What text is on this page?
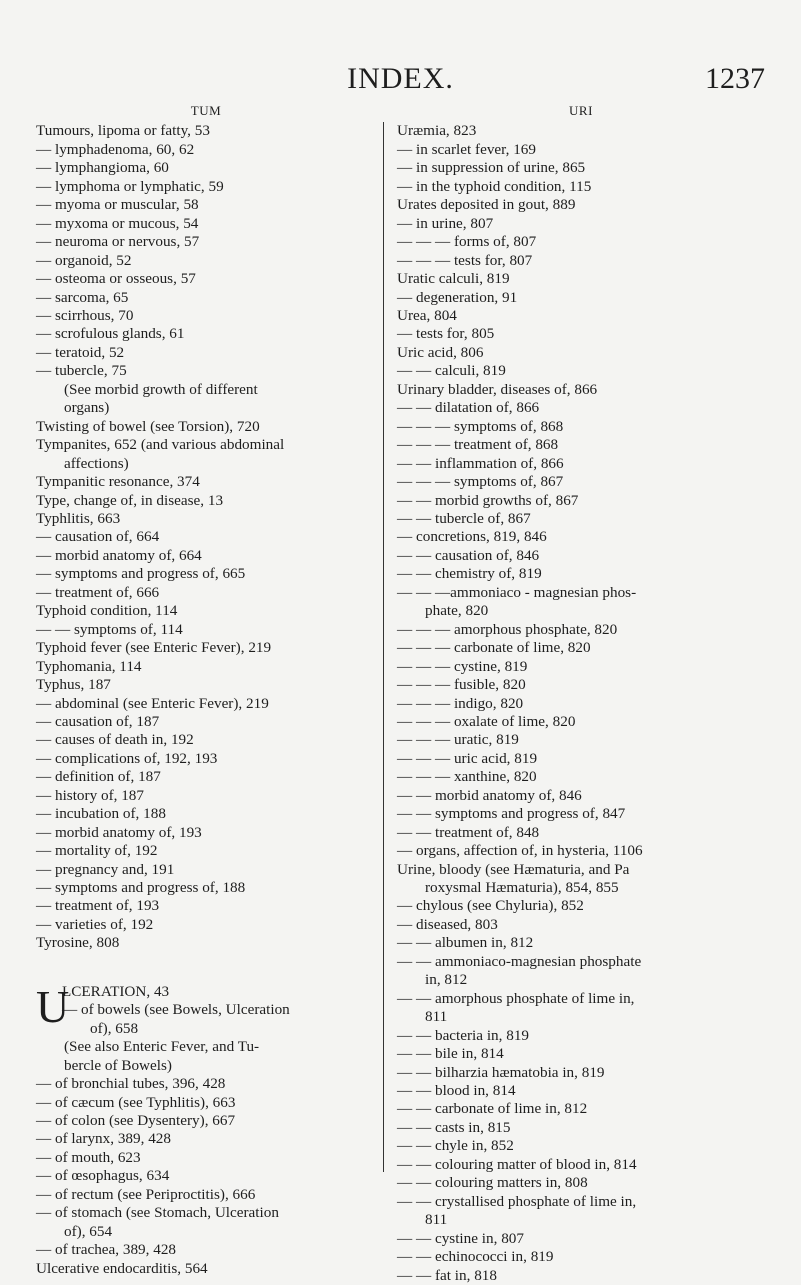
INDEX.	1237
TUM
Tumours, lipoma or fatty, 53
— lymphadenoma, 60, 62
— lymphangioma, 60
— lymphoma or lymphatic, 59
— myoma or muscular, 58
— myxoma or mucous, 54
— neuroma or nervous, 57
— organoid, 52
— osteoma or osseous, 57
— sarcoma, 65
— scirrhous, 70
— scrofulous glands, 61
— teratoid, 52
— tubercle, 75
(See morbid growth of different
organs)
Twisting of bowel (see Torsion), 720
Tympanites, 652 (and various abdominal
affections)
Tympanitic resonance, 374
Type, change of, in disease, 13
Typhlitis, 663
— causation of, 664
— morbid anatomy of, 664
— symptoms and progress of, 665
— treatment of, 666
Typhoid condition, 114
— — symptoms of, 114
Typhoid fever (see Enteric Fever), 219
Typhomania, 114
Typhus, 187
— abdominal (see Enteric Fever), 219
— causation of, 187
— causes of death in, 192
— complications of, 192, 193
— definition of, 187
— history of, 187
— incubation of, 188
— morbid anatomy of, 193
— mortality of, 192
— pregnancy and, 191
— symptoms and progress of, 188
— treatment of, 193
— varieties of, 192
Tyrosine, 808
U
LCERATION, 43
— of bowels (see Bowels, Ulceration
of), 658
(See also Enteric Fever, and Tu-
bercle of Bowels)
— of bronchial tubes, 396, 428
— of cæcum (see Typhlitis), 663
— of colon (see Dysentery), 667
— of larynx, 389, 428
— of mouth, 623
— of œsophagus, 634
— of rectum (see Periproctitis), 666
— of stomach (see Stomach, Ulceration
of), 654
— of trachea, 389, 428
Ulcerative endocarditis, 564
URI
Uræmia, 823
— in scarlet fever, 169
— in suppression of urine, 865
— in the typhoid condition, 115
Urates deposited in gout, 889
— in urine, 807
— — — forms of, 807
— — — tests for, 807
Uratic calculi, 819
— degeneration, 91
Urea, 804
— tests for, 805
Uric acid, 806
— — calculi, 819
Urinary bladder, diseases of, 866
— — dilatation of, 866
— — — symptoms of, 868
— — — treatment of, 868
— — inflammation of, 866
— — — symptoms of, 867
— — morbid growths of, 867
— — tubercle of, 867
— concretions, 819, 846
— — causation of, 846
— — chemistry of, 819
— — —ammoniaco - magnesian phos-
phate, 820
— — — amorphous phosphate, 820
— — — carbonate of lime, 820
— — — cystine, 819
— — — fusible, 820
— — — indigo, 820
— — — oxalate of lime, 820
— — — uratic, 819
— — — uric acid, 819
— — — xanthine, 820
— — morbid anatomy of, 846
— — symptoms and progress of, 847
— — treatment of, 848
— organs, affection of, in hysteria, 1106
Urine, bloody (see Hæmaturia, and Pa
roxysmal Hæmaturia), 854, 855
— chylous (see Chyluria), 852
— diseased, 803
— — albumen in, 812
— — ammoniaco-magnesian phosphate
in, 812
— — amorphous phosphate of lime in,
811
— — bacteria in, 819
— — bile in, 814
— — bilharzia hæmatobia in, 819
— — blood in, 814
— — carbonate of lime in, 812
— — casts in, 815
— — chyle in, 852
— — colouring matter of blood in, 814
— — colouring matters in, 808
— — crystallised phosphate of lime in,
811
— — cystine in, 807
— — echinococci in, 819
— — fat in, 818
